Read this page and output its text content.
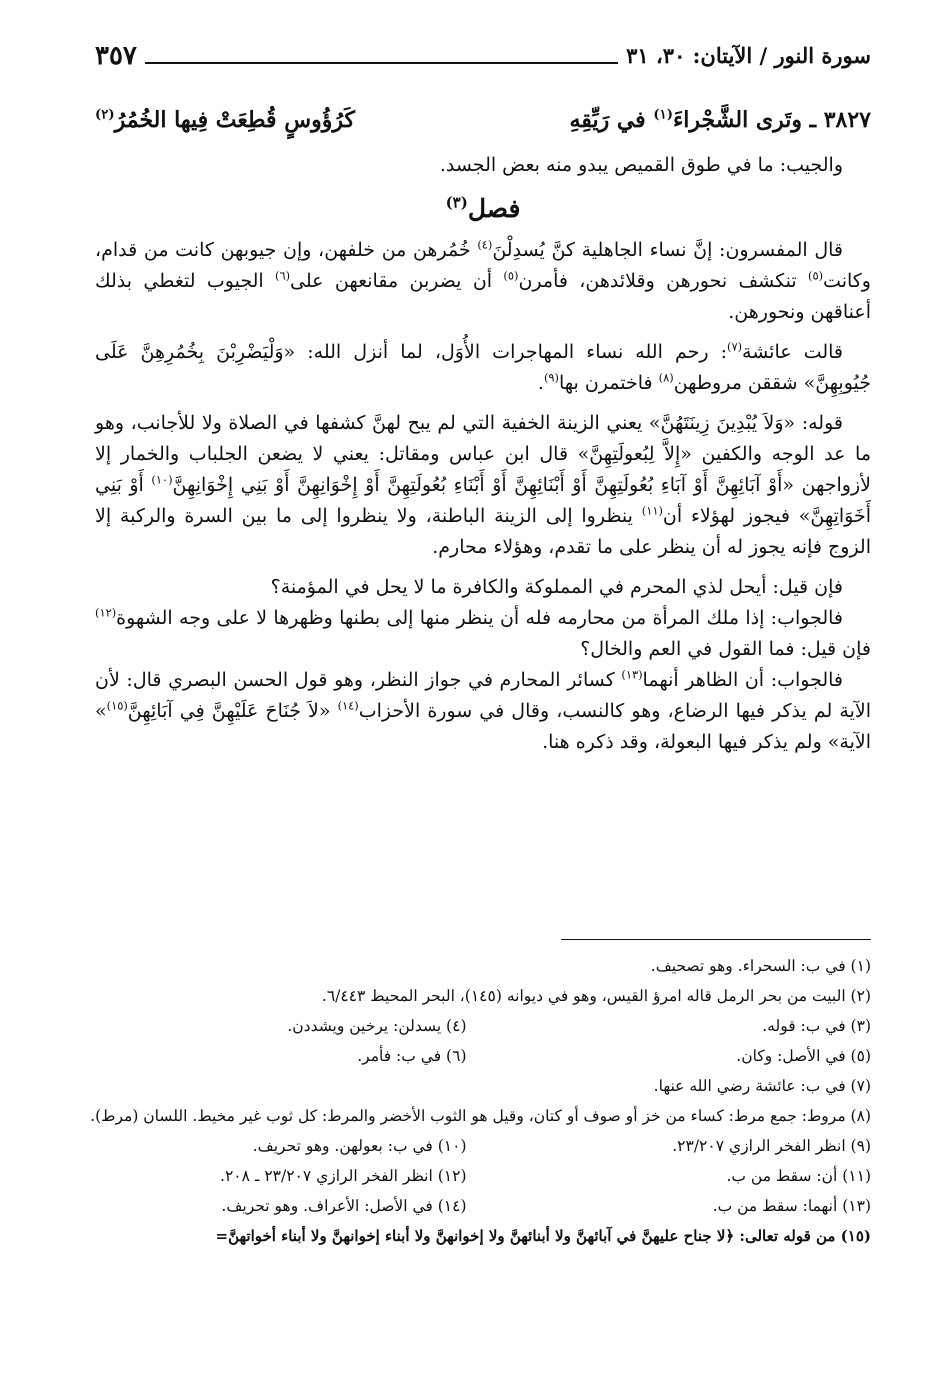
سورة النور / الآيتان: ٣٠، ٣١
٣٥٧
٣٨٢٧ ـ وتَرى الشَّجْراءَ$^{(١)}$ في رَيِّقِهِ
كَرُؤُوسٍ قُطِعَتْ فِيها الخُمُرُ$^{(٢)}$

والجيب: ما في طوق القميص يبدو منه بعض الجسد.

فصل$^{(٣)}$

قال المفسرون: إنَّ نساء الجاهلية كنَّ يُسدِلْنَ$^{(٤)}$ خُمُرهن من خلفهن، وإن جيوبهن كانت من قدام، وكانت$^{(٥)}$ تنكشف نحورهن وقلائدهن، فأمرن$^{(٥)}$ أن يضربن مقانعهن على$^{(٦)}$ الجيوب لتغطي بذلك أعناقهن ونحورهن.

قالت عائشة$^{(٧)}$: رحم الله نساء المهاجرات الأُوَل، لما أنزل الله: «وَلْيَضْرِبْنَ بِخُمُرِهِنَّ عَلَى جُيُوبِهِنَّ» شققن مروطهن$^{(٨)}$ فاختمرن بها$^{(٩)}$.

قوله: «وَلاَ يُبْدِينَ زِينَتَهُنَّ» يعني الزينة الخفية التي لم يبح لهنَّ كشفها في الصلاة ولا للأجانب، وهو ما عد الوجه والكفين «إِلاَّ لِبُعولَتِهِنَّ» قال ابن عباس ومقاتل: يعني لا يضعن الجلباب والخمار إلا لأزواجهن «أَوْ آبَائِهِنَّ أَوْ آبَاءِ بُعُولَتِهِنَّ أَوْ أَبْنَائِهِنَّ أَوْ أَبْنَاءِ بُعُولَتِهِنَّ أَوْ إِخْوَانِهِنَّ أَوْ بَنِي إِخْوَانِهِنَّ$^{(١٠)}$ أَوْ بَنِي أَخَوَاتِهِنَّ» فيجوز لهؤلاء أن$^{(١١)}$ ينظروا إلى الزينة الباطنة، ولا ينظروا إلى ما بين السرة والركبة إلا الزوج فإنه يجوز له أن ينظر على ما تقدم، وهؤلاء محارم.

فإن قيل: أيحل لذي المحرم في المملوكة والكافرة ما لا يحل في المؤمنة؟

فالجواب: إذا ملك المرأة من محارمه فله أن ينظر منها إلى بطنها وظهرها لا على وجه الشهوة$^{(١٢)}$ فإن قيل: فما القول في العم والخال؟

فالجواب: أن الظاهر أنهما$^{(١٣)}$ كسائر المحارم في جواز النظر، وهو قول الحسن البصري قال: لأن الآية لم يذكر فيها الرضاع، وهو كالنسب، وقال في سورة الأحزاب$^{(١٤)}$ «لاَ جُنَاحَ عَلَيْهِنَّ فِي آبَائِهِنَّ$^{(١٥)}$» الآية» ولم يذكر فيها البعولة، وقد ذكره هنا.

(١) في ب: السحراء. وهو تصحيف.
(٢) البيت من بحر الرمل قاله امرؤ القيس، وهو في ديوانه (١٤٥)، البحر المحيط ٦/٤٤٣.
(٣) في ب: قوله.
(٤) يسدلن: يرخين ويشددن.
(٥) في الأصل: وكان.
(٦) في ب: فأمر.
(٧) في ب: عائشة رضي الله عنها.
(٨) مروط: جمع مرط: كساء من خز أو صوف أو كتان، وقيل هو الثوب الأخضر والمرط: كل ثوب غير مخيط. اللسان (مرط).
(٩) انظر الفخر الرازي ٢٣/٢٠٧.
(١٠) في ب: بعولهن. وهو تحريف.
(١١) أن: سقط من ب.
(١٢) انظر الفخر الرازي ٢٣/٢٠٧ ـ ٢٠٨.
(١٣) أنهما: سقط من ب.
(١٤) في الأصل: الأعراف. وهو تحريف.
(١٥) من قوله تعالى: ﴿لا جناح عليهنَّ في آبائهنَّ ولا أبنائهنَّ ولا إخوانهنَّ ولا أبناء إخوانهنَّ ولا أبناء أخواتهنَّ=
